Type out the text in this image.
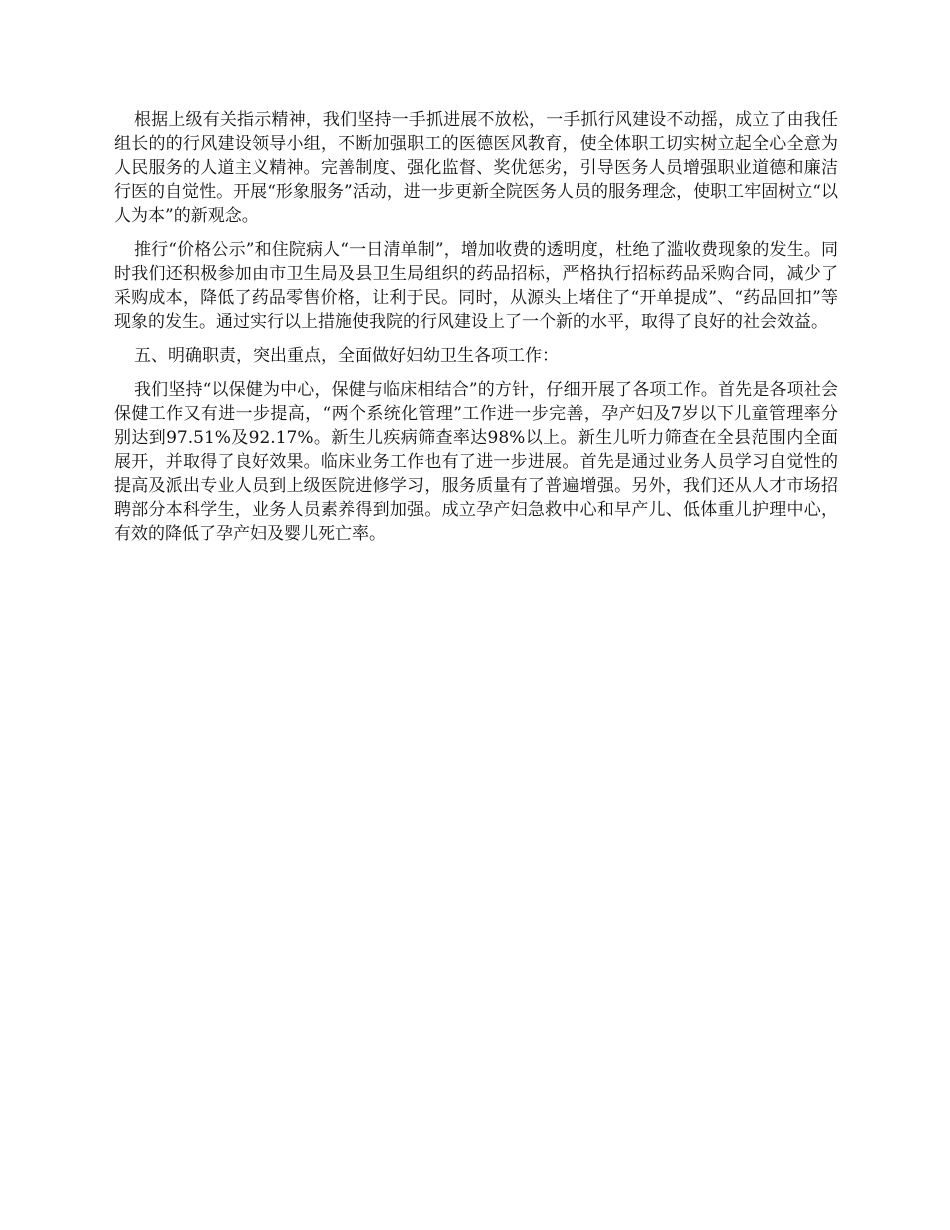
根据上级有关指示精神，我们坚持一手抓进展不放松，一手抓行风建设不动摇，成立了由我任组长的的行风建设领导小组，不断加强职工的医德医风教育，使全体职工切实树立起全心全意为人民服务的人道主义精神。完善制度、强化监督、奖优惩劣，引导医务人员增强职业道德和廉洁行医的自觉性。开展“形象服务”活动，进一步更新全院医务人员的服务理念，使职工牢固树立“以人为本”的新观念。

推行“价格公示”和住院病人“一日清单制”，增加收费的透明度，杜绝了滥收费现象的发生。同时我们还积极参加由市卫生局及县卫生局组织的药品招标，严格执行招标药品采购合同，减少了采购成本，降低了药品零售价格，让利于民。同时，从源头上堵住了“开单提成”、“药品回扣”等现象的发生。通过实行以上措施使我院的行风建设上了一个新的水平，取得了良好的社会效益。

五、明确职责，突出重点，全面做好妇幼卫生各项工作：

我们坚持“以保健为中心，保健与临床相结合”的方针，仔细开展了各项工作。首先是各项社会保健工作又有进一步提高，“两个系统化管理”工作进一步完善，孕产妇及7岁以下儿童管理率分别达到97.51%及92.17%。新生儿疾病筛查率达98%以上。新生儿听力筛查在全县范围内全面展开，并取得了良好效果。临床业务工作也有了进一步进展。首先是通过业务人员学习自觉性的提高及派出专业人员到上级医院进修学习，服务质量有了普遍增强。另外，我们还从人才市场招聘部分本科学生，业务人员素养得到加强。成立孕产妇急救中心和早产儿、低体重儿护理中心，有效的降低了孕产妇及婴儿死亡率。
